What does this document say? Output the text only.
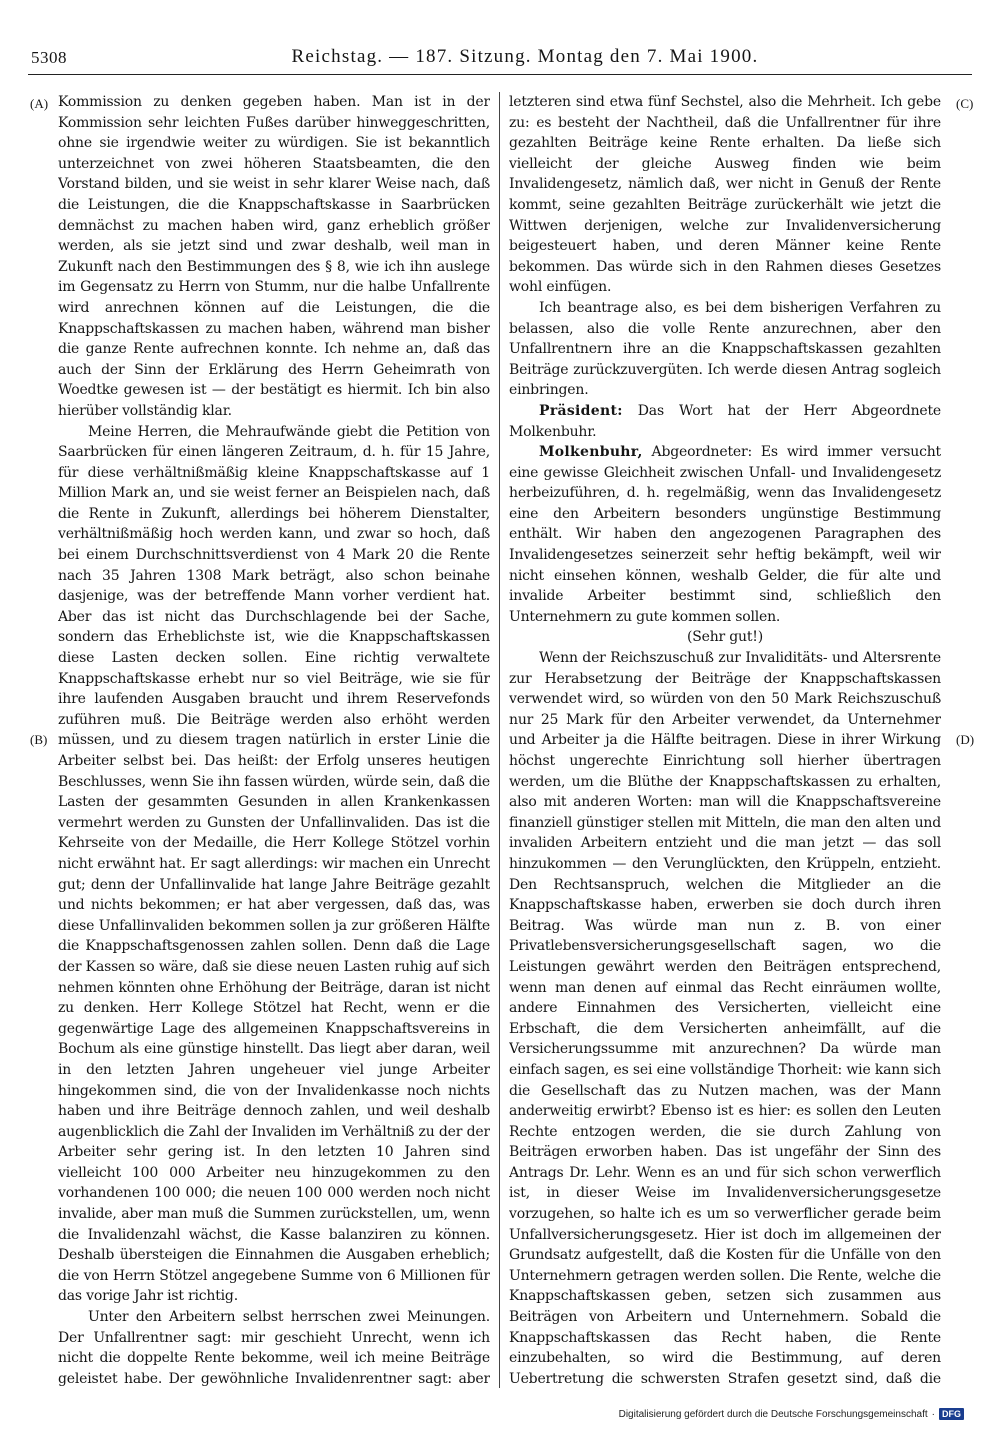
5308	Reichstag. — 187. Sitzung. Montag den 7. Mai 1900.
(A)
(B)
(C)
(D)

Kommission zu denken gegeben haben. Man ist in der Kommission sehr leichten Fußes darüber hinweggeschritten, ohne sie irgendwie weiter zu würdigen. Sie ist bekanntlich unterzeichnet von zwei höheren Staatsbeamten, die den Vorstand bilden, und sie weist in sehr klarer Weise nach, daß die Leistungen, die die Knappschaftskasse in Saarbrücken demnächst zu machen haben wird, ganz erheblich größer werden, als sie jetzt sind und zwar deshalb, weil man in Zukunft nach den Bestimmungen des § 8, wie ich ihn auslege im Gegensatz zu Herrn von Stumm, nur die halbe Unfallrente wird anrechnen können auf die Leistungen, die die Knappschaftskassen zu machen haben, während man bisher die ganze Rente aufrechnen konnte. Ich nehme an, daß das auch der Sinn der Erklärung des Herrn Geheimrath von Woedtke gewesen ist — der bestätigt es hiermit. Ich bin also hierüber vollständig klar.

Meine Herren, die Mehraufwände giebt die Petition von Saarbrücken für einen längeren Zeitraum, d. h. für 15 Jahre, für diese verhältnißmäßig kleine Knappschaftskasse auf 1 Million Mark an, und sie weist ferner an Beispielen nach, daß die Rente in Zukunft, allerdings bei höherem Dienstalter, verhältnißmäßig hoch werden kann, und zwar so hoch, daß bei einem Durchschnittsverdienst von 4 Mark 20 die Rente nach 35 Jahren 1308 Mark beträgt, also schon beinahe dasjenige, was der betreffende Mann vorher verdient hat. Aber das ist nicht das Durchschlagende bei der Sache, sondern das Erheblichste ist, wie die Knappschaftskassen diese Lasten decken sollen. Eine richtig verwaltete Knappschaftskasse erhebt nur so viel Beiträge, wie sie für ihre laufenden Ausgaben braucht und ihrem Reservefonds zuführen muß. Die Beiträge werden also erhöht werden müssen, und zu diesem tragen natürlich in erster Linie die Arbeiter selbst bei. Das heißt: der Erfolg unseres heutigen Beschlusses, wenn Sie ihn fassen würden, würde sein, daß die Lasten der gesammten Gesunden in allen Krankenkassen vermehrt werden zu Gunsten der Unfallinvaliden. Das ist die Kehrseite von der Medaille, die Herr Kollege Stötzel vorhin nicht erwähnt hat. Er sagt allerdings: wir machen ein Unrecht gut; denn der Unfallinvalide hat lange Jahre Beiträge gezahlt und nichts bekommen; er hat aber vergessen, daß das, was diese Unfallinvaliden bekommen sollen ja zur größeren Hälfte die Knappschaftsgenossen zahlen sollen. Denn daß die Lage der Kassen so wäre, daß sie diese neuen Lasten ruhig auf sich nehmen könnten ohne Erhöhung der Beiträge, daran ist nicht zu denken. Herr Kollege Stötzel hat Recht, wenn er die gegenwärtige Lage des allgemeinen Knappschaftsvereins in Bochum als eine günstige hinstellt. Das liegt aber daran, weil in den letzten Jahren ungeheuer viel junge Arbeiter hingekommen sind, die von der Invalidenkasse noch nichts haben und ihre Beiträge dennoch zahlen, und weil deshalb augenblicklich die Zahl der Invaliden im Verhältniß zu der der Arbeiter sehr gering ist. In den letzten 10 Jahren sind vielleicht 100 000 Arbeiter neu hinzugekommen zu den vorhandenen 100 000; die neuen 100 000 werden noch nicht invalide, aber man muß die Summen zurückstellen, um, wenn die Invalidenzahl wächst, die Kasse balanziren zu können. Deshalb übersteigen die Einnahmen die Ausgaben erheblich; die von Herrn Stötzel angegebene Summe von 6 Millionen für das vorige Jahr ist richtig.

Unter den Arbeitern selbst herrschen zwei Meinungen. Der Unfallrentner sagt: mir geschieht Unrecht, wenn ich nicht die doppelte Rente bekomme, weil ich meine Beiträge geleistet habe. Der gewöhnliche Invalidenrentner sagt: aber

letzteren sind etwa fünf Sechstel, also die Mehrheit. Ich gebe zu: es besteht der Nachtheil, daß die Unfallrentner für ihre gezahlten Beiträge keine Rente erhalten. Da ließe sich vielleicht der gleiche Ausweg finden wie beim Invalidengesetz, nämlich daß, wer nicht in Genuß der Rente kommt, seine gezahlten Beiträge zurückerhält wie jetzt die Wittwen derjenigen, welche zur Invalidenversicherung beigesteuert haben, und deren Männer keine Rente bekommen. Das würde sich in den Rahmen dieses Gesetzes wohl einfügen.

Ich beantrage also, es bei dem bisherigen Verfahren zu belassen, also die volle Rente anzurechnen, aber den Unfallrentnern ihre an die Knappschaftskassen gezahlten Beiträge zurückzuvergüten. Ich werde diesen Antrag sogleich einbringen.

Präsident: Das Wort hat der Herr Abgeordnete Molkenbuhr.

Molkenbuhr, Abgeordneter: Es wird immer versucht eine gewisse Gleichheit zwischen Unfall- und Invalidengesetz herbeizuführen, d. h. regelmäßig, wenn das Invalidengesetz eine den Arbeitern besonders ungünstige Bestimmung enthält. Wir haben den angezogenen Paragraphen des Invalidengesetzes seinerzeit sehr heftig bekämpft, weil wir nicht einsehen können, weshalb Gelder, die für alte und invalide Arbeiter bestimmt sind, schließlich den Unternehmern zu gute kommen sollen.

(Sehr gut!)

Wenn der Reichszuschuß zur Invaliditäts- und Altersrente zur Herabsetzung der Beiträge der Knappschaftskassen verwendet wird, so würden von den 50 Mark Reichszuschuß nur 25 Mark für den Arbeiter verwendet, da Unternehmer und Arbeiter ja die Hälfte beitragen. Diese in ihrer Wirkung höchst ungerechte Einrichtung soll hierher übertragen werden, um die Blüthe der Knappschaftskassen zu erhalten, also mit anderen Worten: man will die Knappschaftsvereine finanziell günstiger stellen mit Mitteln, die man den alten und invaliden Arbeitern entzieht und die man jetzt — das soll hinzukommen — den Verunglückten, den Krüppeln, entzieht. Den Rechtsanspruch, welchen die Mitglieder an die Knappschaftskasse haben, erwerben sie doch durch ihren Beitrag. Was würde man nun z. B. von einer Privatlebensversicherungsgesellschaft sagen, wo die Leistungen gewährt werden den Beiträgen entsprechend, wenn man denen auf einmal das Recht einräumen wollte, andere Einnahmen des Versicherten, vielleicht eine Erbschaft, die dem Versicherten anheimfällt, auf die Versicherungssumme mit anzurechnen? Da würde man einfach sagen, es sei eine vollständige Thorheit: wie kann sich die Gesellschaft das zu Nutzen machen, was der Mann anderweitig erwirbt? Ebenso ist es hier: es sollen den Leuten Rechte entzogen werden, die sie durch Zahlung von Beiträgen erworben haben. Das ist ungefähr der Sinn des Antrags Dr. Lehr. Wenn es an und für sich schon verwerflich ist, in dieser Weise im Invalidenversicherungsgesetze vorzugehen, so halte ich es um so verwerflicher gerade beim Unfallversicherungsgesetz. Hier ist doch im allgemeinen der Grundsatz aufgestellt, daß die Kosten für die Unfälle von den Unternehmern getragen werden sollen. Die Rente, welche die Knappschaftskassen geben, setzen sich zusammen aus Beiträgen von Arbeitern und Unternehmern. Sobald die Knappschaftskassen das Recht haben, die Rente einzubehalten, so wird die Bestimmung, auf deren Uebertretung die schwersten Strafen gesetzt sind, daß die

Digitalisierung gefördert durch die Deutsche Forschungsgemeinschaft · DFG
